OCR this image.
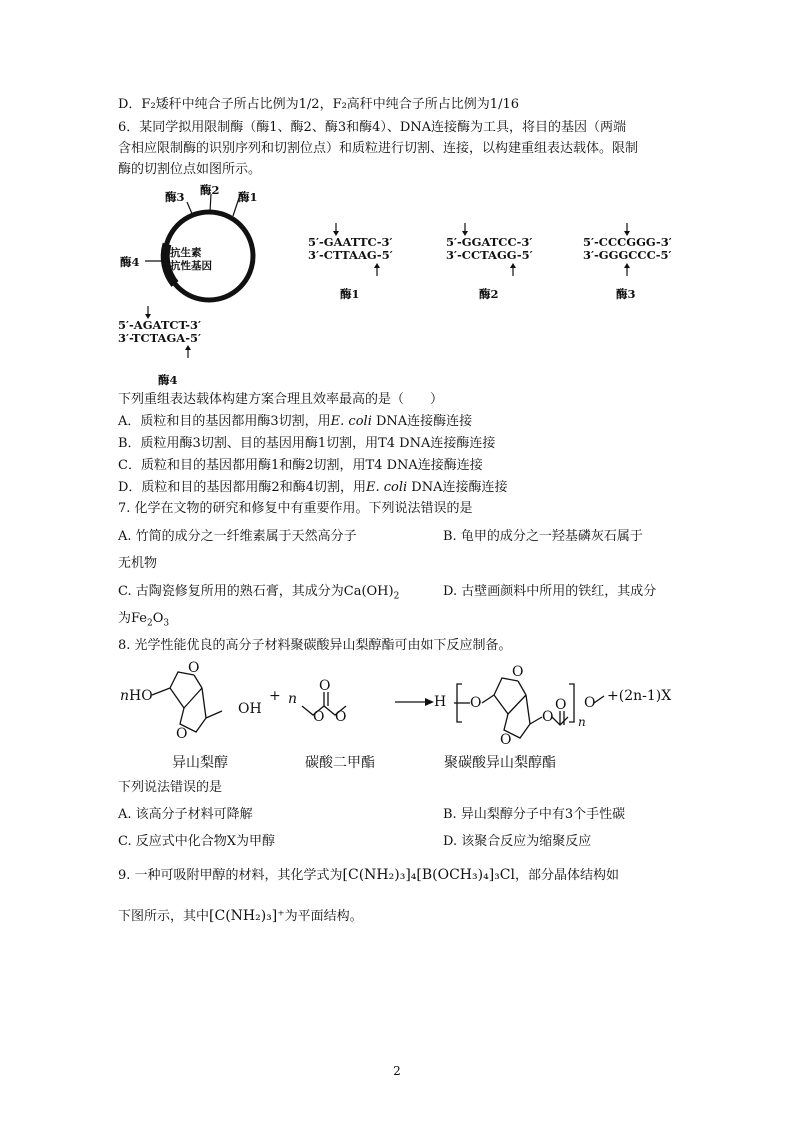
D．F₂矮秆中纯合子所占比例为1/2，F₂高秆中纯合子所占比例为1/16
6．某同学拟用限制酶（酶1、酶2、酶3和酶4）、DNA连接酶为工具，将目的基因（两端
含相应限制酶的识别序列和切割位点）和质粒进行切割、连接，以构建重组表达载体。限制
酶的切割位点如图所示。
酶3 酶2 酶1
酶4
抗生素
抗性基因
5′-GAATTC-3′
3′-CTTAAG-5′
酶1
5′-GGATCC-3′
3′-CCTAGG-5′
酶2
5′-CCCGGG-3′
3′-GGGCCC-5′
酶3
5′-AGATCT-3′
3′-TCTAGA-5′
酶4
下列重组表达载体构建方案合理且效率最高的是（　　）
A．质粒和目的基因都用酶3切割，用E. coli DNA连接酶连接
B．质粒用酶3切割、目的基因用酶1切割，用T4 DNA连接酶连接
C．质粒和目的基因都用酶1和酶2切割，用T4 DNA连接酶连接
D．质粒和目的基因都用酶2和酶4切割，用E. coli DNA连接酶连接
7. 化学在文物的研究和修复中有重要作用。下列说法错误的是
A. 竹简的成分之一纤维素属于天然高分子	B. 龟甲的成分之一羟基磷灰石属于
无机物
C. 古陶瓷修复所用的熟石膏，其成分为$Ca(OH)_2$	D. 古壁画颜料中所用的铁红，其成分
为$Fe_2O_3$
8. 光学性能优良的高分子材料聚碳酸异山梨醇酯可由如下反应制备。
O
O
O O
O
O
O
O
O
O O
nHO
OH
+ n	H
n
+(2n-1)X
异山梨醇	碳酸二甲酯	聚碳酸异山梨醇酯
下列说法错误的是
A. 该高分子材料可降解	B. 异山梨醇分子中有3个手性碳
C. 反应式中化合物X为甲醇	D. 该聚合反应为缩聚反应
9. 一种可吸附甲醇的材料，其化学式为[C(NH₂)₃]₄[B(OCH₃)₄]₃Cl，部分晶体结构如
下图所示，其中[C(NH₂)₃]⁺为平面结构。
2
